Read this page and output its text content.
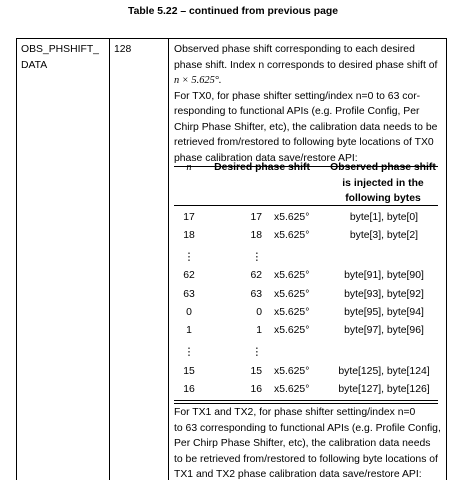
Table 5.22 – continued from previous page
OBS_PHSHIFT_
DATA
128	Observed phase shift corresponding to each desired
phase shift. Index n corresponds to desired phase shift of
n × 5.625°.
For TX0, for phase shifter setting/index n=0 to 63 cor-
responding to functional APIs (e.g. Profile Config, Per
Chirp Phase Shifter, etc), the calibration data needs to be
retrieved from/restored to following byte locations of TX0
phase calibration data save/restore API:
n	Desired phase shift	Observed phase shift
is injected in the
following bytes
17	17 x5.625°	byte[1], byte[0]
18	18 x5.625°	byte[3], byte[2]
⋮	⋮
62	62 x5.625°	byte[91], byte[90]
63	63 x5.625°	byte[93], byte[92]
0	0 x5.625°	byte[95], byte[94]
1	1 x5.625°	byte[97], byte[96]
⋮	⋮
15	15 x5.625°	byte[125], byte[124]
16	16 x5.625°	byte[127], byte[126]
For TX1 and TX2, for phase shifter setting/index n=0
to 63 corresponding to functional APIs (e.g. Profile Config,
Per Chirp Phase Shifter, etc), the calibration data needs
to be retrieved from/restored to following byte locations of
TX1 and TX2 phase calibration data save/restore API:
